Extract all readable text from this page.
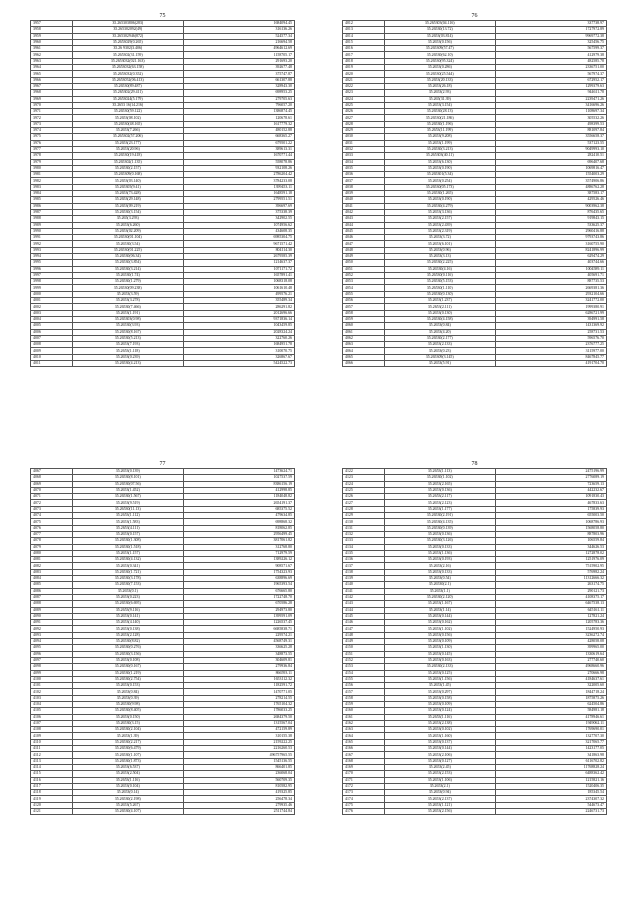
75
3957	35.265303806(283)	1684094.45
3958	35.265302092(49)	316136.26
3959	35.265302946(872)	524577.34
3960	35.2653029(0.265)	216694.58
3961	35.26 9302(3.406)	4964612.69
3962	35.265302(31.159)	1158705.17
3963	35.2653032(021.163)	291693.20
3964	35.2653032(63.158)	392677.48
3965	35.2653032(0.352)	375747.87
3966	35.2653052(06.413)	661307.88
3967	35.26530(89.487)	328943.30
3968	35.265302(29.411)	698953.25
3969	35.2653024(5.179)	279705.63
3970	35.2653 16(14.216)	796057.20
3971	35.26530(59.122)	1386874.45
3972	35.2653(08.102)	120678.61
3973	35.26530(48.165)	1617779.32
3974	35.2653(7.266)	480152.88
3975	35.265302(57.206)	668365.27
3976	35.2653(23.177)	679501.22
3977	35.2653(20.96)	389613.31
3978	35.26530(19.418)	1670771.44
3979	35.265302(1.135)	558078.86
3980	35.26530(2.157)	932108.26
3981	35.265309(0.168)	2786204.42
3982	35.2653(03.140)	3784233.08
3983	35.265305(9.41)	1399453.11
3984	35.2653(73.428)	1648591.18
3985	35.2653(29.148)	2799551.51
3986	35.2653(09.219)	396697.69
3987	35.26530(3.154)	375338.39
3988	35.265(3.293)	342902.55
3989	35.2653(6.260)	1074956.62
3990	35.2653(02.209)	434608.35
3991	35.26530(01.104)	6985304.75
3992	35.26530(3.54)	9671571.42
3993	35.26530(01.225)	804114.30
3994	35.26530(06.34)	2679585.39
3995	35.26530(3.854)	1214637.37
3996	35.26530(3.214)	1071171.72
3997	35.26530(1.74)	1657891.41
3998	35.26530(1.279)	1068318.08
3999	35.26530(09.238)	1061610.48
4000	35.2653(3.59)	499576.21
4001	35.2653(3.278)	355489.34
4002	35.26530(7.466)	286291.82
4003	35.2653(1.191)	2012696.66
4004	35.265303(0.98)	9371836.14
4005	35.26530(3.93)	1043459.85
4006	35.26530(8.167)	2028324.24
4007	35.26530(5.213)	322760.26
4008	35.2653(7.193)	1684951.78
4009	35.2653(1.118)	310070.75
4010	35.2653(0.239)	326867.67
4011	35.26530(4.213)	5424522.73
76
4012	35.265303(04.116)	337738.97
4013	35.26530(13.72)	1727972.89
4014	35.2653(03.814)	9969772.38
4015	35.2653(0.156)	325456.75
4016	35.265309(57.47)	567599.37
4017	35.26530(62.10)	412979.38
4018	35.26530(95.324)	482585.78
4019	35.2653(0.286)	2336751.00
4020	35.26530(25.544)	567974.37
4021	35.2653(20.133)	672952.17
4022	35.2653(26.18)	1299379.63
4023	35.2653(2.93)	944611.78
4024	35.265(31.39)	2239471.26
4025	35.2653(3.154)	3416696.26
4026	35.26530(28.13)	1108697.34
4027	35.26530(21.186)	305532.26
4028	35.26530(1.196)	498399.53
4029	35.2653(11.199)	881097.84
4030	35.2653(9.208)	3556658.37
4031	35.2653(1.199)	537123.55
4032	35.26530(3.213)	9049993.10
4033	35.265303(40.11)	282410.51
4034	35.2653(6.130)	696407.68
4035	35.2653(0.190)	1069816.47
4036	35.265301(5.34)	1554003.29
4037	35.2653(0.254)	3574906.86
4038	35.26530(05.173)	4886762.28
4039	35.26530(1.265)	387583.17
4040	35.2653(0.190)	429526.46
4041	35.26530(4.279)	9003962.38
4042	35.2653(3.136)	876435.65
4043	35.2653(2.157)	919843.15
4044	35.2653(2.439)	533625.37
4045	35.2653(2.319)	2960416.88
4046	35.2653(3.72)	9793743.86
4047	35.2653(6.101)	3160755.90
4048	35.2653(0.96)	8241896.99
4049	35.2653(3.13)	629474.29
4050	35.26530(2.225)	403744.66
4051	35.26530(4.16)	1004589.11
4052	35.26530(0.116)	405691.71
4053	35.26530(5.153)	887735.53
4054	35.26530(1.110)	2669381.36
4055	35.26530(0.130)	2932104.66
4056	35.2653(1.237)	3241772.00
4057	35.2653(2.111)	1999380.91
4058	35.2653(0.130)	6286721.99
4059	35.26530(4.158)	394991.58
4060	35.2653(0.84)	1431369.92
4061	35.2653(4.20)	258731.53
4062	35.26530(2.177)	596576.70
4063	35.2653(2.133)	2376777.25
4064	35.2653(0.23)	3115977.00
4065	35.265309(3.145)	8467845.77
4066	35.2653(5.91)	4191704.70
77
4067	35.2653(0.139)	1473624.71
4068	35.26530(8.101)	1027537.59
4069	35.26530(07.56)	8386156.19
4070	35.2653(1.452)	412998.85
4071	35.26530(1.567)	1184048.82
4072	35.2653(9.519)	2654191.37
4073	35.26530(11.13)	685375.52
4074	35.2653(1.112)	479634.85
4075	35.2653(1.583)	698868.32
4076	35.2653(4.111)	818062.85
4077	35.2653(0.157)	2956499.45
4078	35.26530(1.308)	3817061.82
4079	35.26530(1.518)	312768.80
4080	35.2653(1.157)	712979.59
4081	35.26530(4.132)	1389226.12
4082	35.2653(0.341)	908571.67
4083	35.26530(1.721)	1754323.93
4084	35.26530(3.178)	638896.69
4085	35.26530(7.153)	1965393.54
4086	35.2653(0.1)	676665.80
4087	35.2653(0.223)	1722748.70
4088	35.26530(6.695)	670586.28
4089	35.2653(9.116)	294973.80
4090	35.2653(0.141)	1399591.09
4091	35.2653(4.140)	1226537.45
4092	35.2653(0.138)	6685838.71
4093	35.2653(2.128)	229574.21
4094	35.26530(8.82)	4568749.31
4095	35.26530(0.276)	336625.28
4096	35.26530(3.156)	348873.55
4097	35.2653(0.108)	304609.81
4098	35.26530(0.167)	279936.84
4099	35.26530(1.219)	866593.11
4100	35.26530(2.754)	1653112.32
4101	35.2653(0.153)	1182591.72
4102	35.2653(0.84)	1470771.05
4103	35.2653(0.39)	278214.55
4104	35.26530(9.98)	1765104.32
4105	35.26530(8.405)	1786033.25
4106	35.2653(0.150)	2684379.50
4107	35.26530(3.15)	1315567.04
4108	35.26530(2.104)	472159.89
4109	35.2653(1.39)	310155.38
4110	35.26530(2.217)	2159222.25
4111	35.26530(6.479)	2216260.53
4112	35.26530(1.107)	496757965.55
4113	35.26530(1.873)	1545136.55
4114	35.2653(6.537)	866401.85
4115	35.2653(2.504)	236068.04
4116	35.2653(1.116)	560709.35
4117	35.2653(0.104)	810582.95
4118	35.2653(0.14)	419325.85
4119	35.26530(2.198)	256478.34
4120	35.2653(5.267)	279935.46
4121	35.26530(4.107)	2511744.84
78
4122	35.2653(1.113)	2475196.99
4123	35.26530(1.102)	2776089.19
4124	35.2653(2.165)	723659.13
4125	35.2653(0.136)	442232.67
4126	35.2653(2.117)	1091830.43
4127	35.2653(2.123)	467833.63
4128	35.2653(1.177)	175839.93
4129	35.26530(2.191)	655003.50
4130	35.26530(4.135)	1068786.93
4131	35.26530(0.139)	1568058.80
4132	35.2653(0.136)	887803.96
4133	35.26530(3.126)	106559.84
4134	35.2653(0.133)	344626.53
4135	35.2653(1.136)	1272878.02
4136	35.2653(0.193)	1251976.09
4137	35.2653(2.16)	7515902.95
4138	35.2653(0.133)	576982.24
4139	35.2653(0.54)	11312666.32
4140	35.26530(2.1)	263174.75
4141	35.2653(1.1)	290121.73
4142	35.26530(2.120)	4108375.17
4143	35.2653(1.167)	6467538.13
4144	35.2653(1.14)	645161.11
4145	35.2653(0.144)	127821.24
4146	35.2653(0.162)	1205783.36
4147	35.2653(1.102)	1524950.93
4148	35.2653(0.156)	3236272.74
4149	35.2653(0.109)	428058.08
4150	35.2653(1.130)	399965.00
4151	35.2653(0.145)	1330619.64
4152	35.2653(0.163)	277740.60
4153	35.26530(2.133)	4968660.96
4154	35.2653(0.125)	270666.98
4155	35.2653(1.156)	4184637.61
4156	35.2653(1.45)	322005.60
4157	35.2653(0.297)	1844718.24
4158	35.2653(0.158)	1875875.26
4159	35.2653(0.109)	624504.86
4160	35.2653(0.124)	584981.18
4161	35.2653(1.116)	4178946.61
4162	35.2653(2.138)	1949062.11
4163	35.2653(0.102)	1769690.01
4164	35.2653(1.160)	1327707.30
4165	35.2653(0.137)	3217065.77
4166	35.2653(0.144)	1423177.05
4167	35.2653(2.106)	341863.98
4168	35.2653(0.127)	6116702.82
4169	35.2653(2.45)	11768828.24
4170	35.2653(2.153)	6488362.42
4171	35.2653(1.106)	1215821.16
4172	35.2653(2.1)	1520406.35
4173	35.2653(0.94)	185345.54
4174	35.2653(2.137)	2374307.32
4175	35.2653(1.121)	544673.47
4176	35.2653(2.156)	2246731.73
